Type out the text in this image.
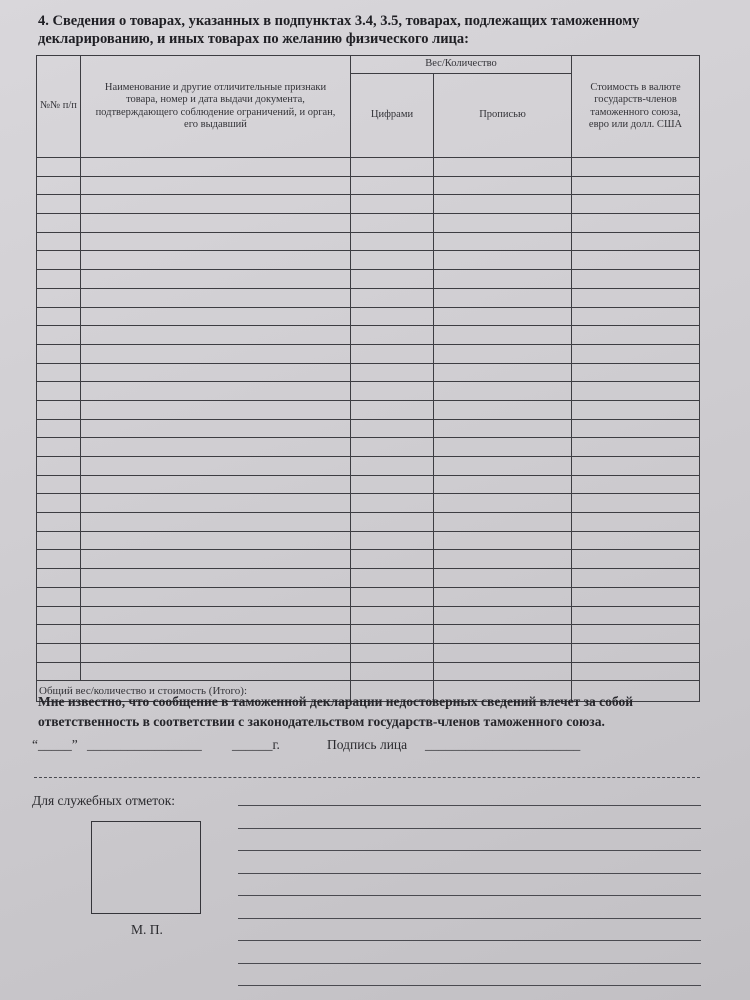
4. Сведения о товарах, указанных в подпунктах 3.4, 3.5, товарах, подлежащих таможенному декларированию, и иных товарах по желанию физического лица:
№№ п/п	Наименование и другие отличительные признаки товара, номер и дата выдачи документа, подтверждающего соблюдение ограничений, и орган, его выдавший	Вес/Количество		Стоимость в валюте государств-членов таможенного союза, евро или долл. США
		Цифрами	Прописью	

Общий вес/количество и стоимость (Итого):				
Мне известно, что сообщение в таможенной декларации недостоверных сведений влечет за собой ответственность в соответствии с законодательством государств-членов таможенного союза.
“_____” _________________ ______г.	Подпись лица _______________________
Для служебных отметок:
М. П.
